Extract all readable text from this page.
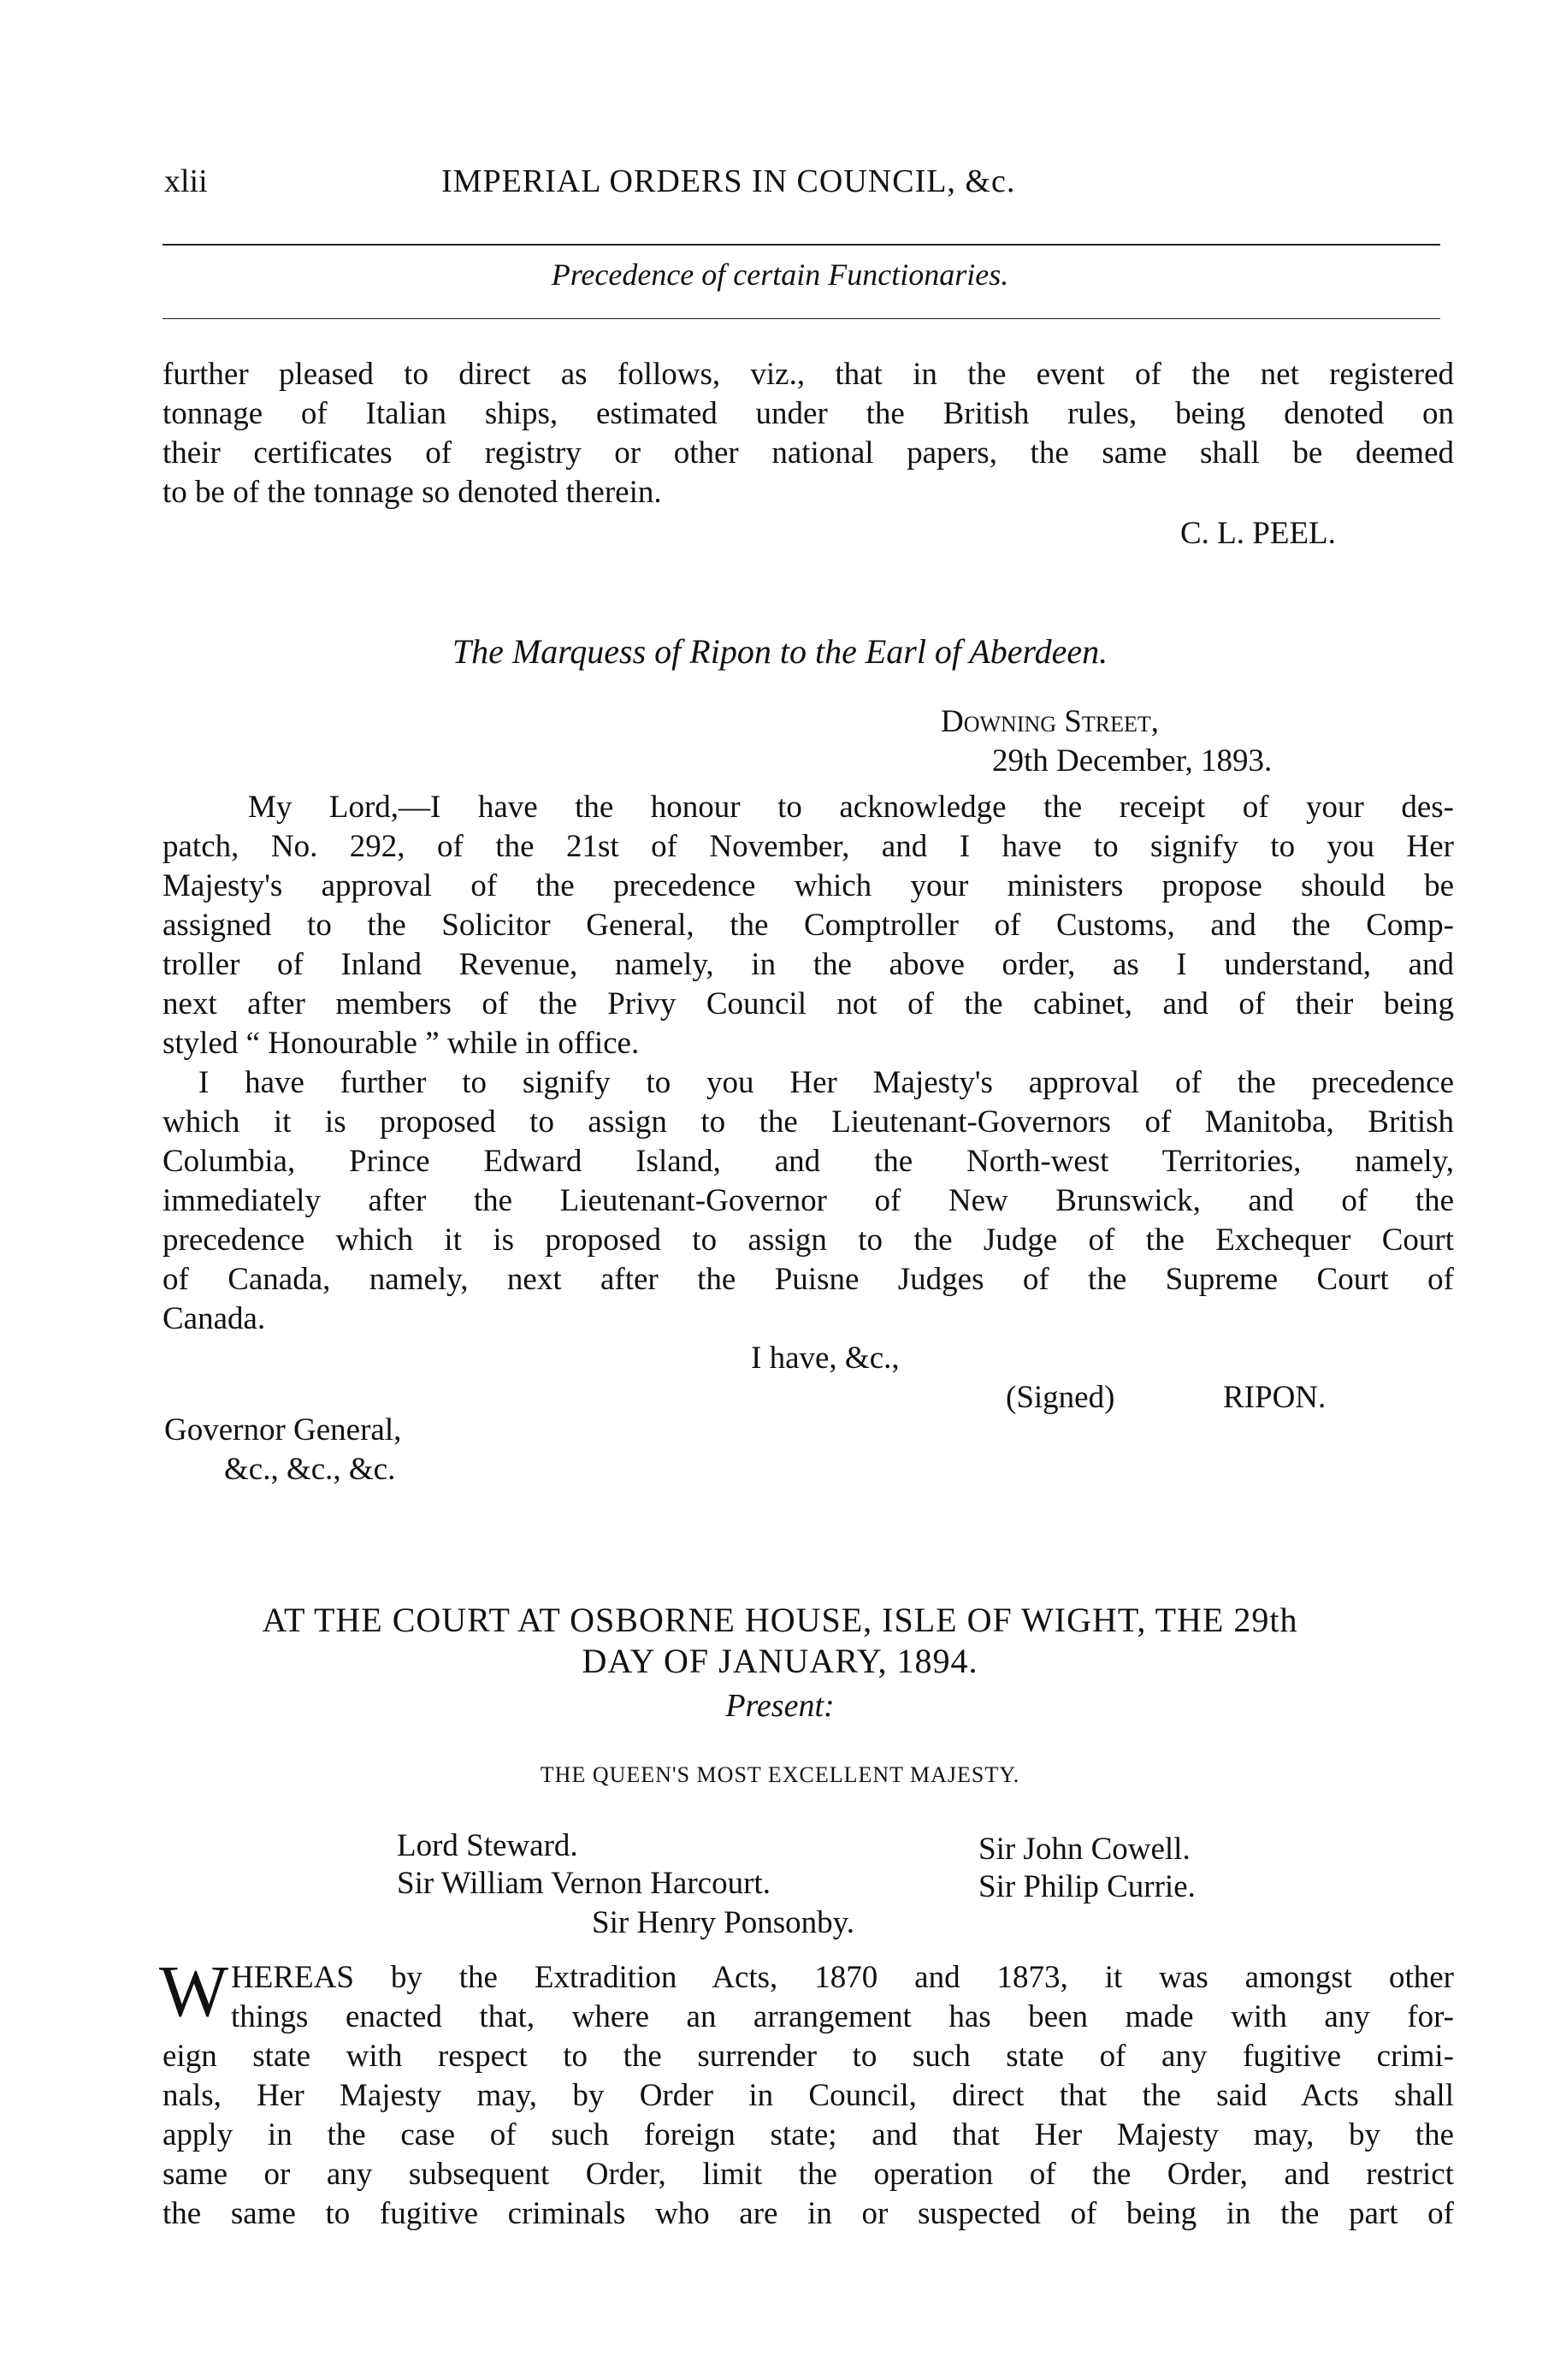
xlii	IMPERIAL ORDERS IN COUNCIL, &c.
Precedence of certain Functionaries.
further pleased to direct as follows, viz., that in the event of the net registered
tonnage of Italian ships, estimated under the British rules, being denoted on
their certificates of registry or other national papers, the same shall be deemed
to be of the tonnage so denoted therein.
C. L. PEEL.
The Marquess of Ripon to the Earl of Aberdeen.
Downing Street,
29th December, 1893.
My Lord,—I have the honour to acknowledge the receipt of your des-
patch, No. 292, of the 21st of November, and I have to signify to you Her
Majesty's approval of the precedence which your ministers propose should be
assigned to the Solicitor General, the Comptroller of Customs, and the Comp-
troller of Inland Revenue, namely, in the above order, as I understand, and
next after members of the Privy Council not of the cabinet, and of their being
styled “ Honourable ” while in office.
I have further to signify to you Her Majesty's approval of the precedence
which it is proposed to assign to the Lieutenant-Governors of Manitoba, British
Columbia, Prince Edward Island, and the North-west Territories, namely,
immediately after the Lieutenant-Governor of New Brunswick, and of the
precedence which it is proposed to assign to the Judge of the Exchequer Court
of Canada, namely, next after the Puisne Judges of the Supreme Court of
Canada.
I have, &c.,
(Signed)	RIPON.
Governor General,
&c., &c., &c.
AT THE COURT AT OSBORNE HOUSE, ISLE OF WIGHT, THE 29th
DAY OF JANUARY, 1894.
Present:
THE QUEEN'S MOST EXCELLENT MAJESTY.
Lord Steward.
Sir William Vernon Harcourt.
Sir John Cowell.
Sir Philip Currie.
Sir Henry Ponsonby.
W HEREAS by the Extradition Acts, 1870 and 1873, it was amongst other
things enacted that, where an arrangement has been made with any for-
eign state with respect to the surrender to such state of any fugitive crimi-
nals, Her Majesty may, by Order in Council, direct that the said Acts shall
apply in the case of such foreign state; and that Her Majesty may, by the
same or any subsequent Order, limit the operation of the Order, and restrict
the same to fugitive criminals who are in or suspected of being in the part of
